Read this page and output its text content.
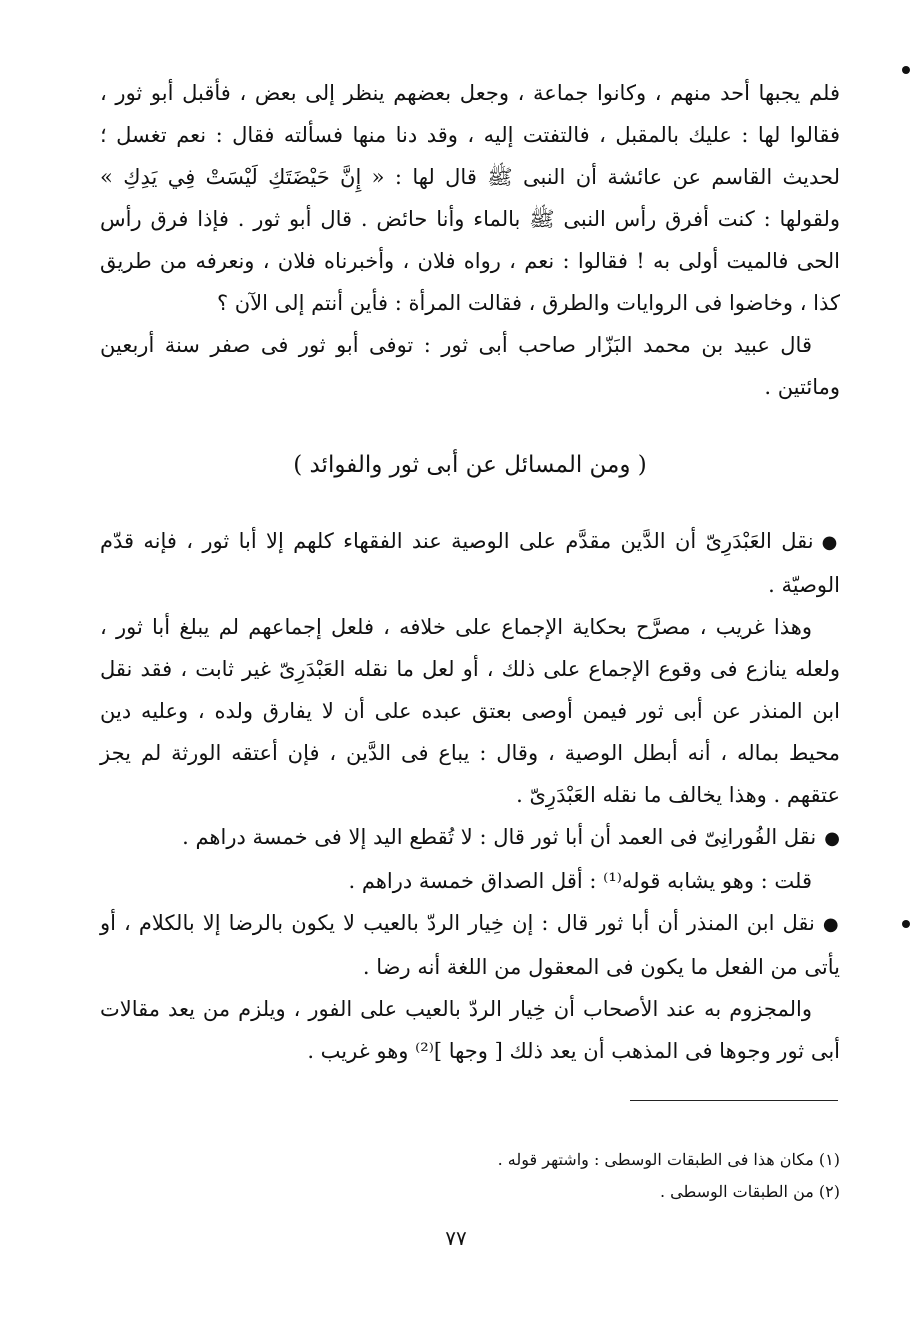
فلم يجبها أحد منهم ، وكانوا جماعة ، وجعل بعضهم ينظر إلى بعض ، فأقبل أبو ثور ، فقالوا لها : عليك بالمقبل ، فالتفتت إليه ، وقد دنا منها فسألته فقال : نعم تغسل ؛ لحديث القاسم عن عائشة أن النبى ﷺ قال لها : « إِنَّ حَيْضَتَكِ لَيْسَتْ فِي يَدِكِ » ولقولها : كنت أفرق رأس النبى ﷺ بالماء وأنا حائض . قال أبو ثور . فإذا فرق رأس الحى فالميت أولى به ! فقالوا : نعم ، رواه فلان ، وأخبرناه فلان ، ونعرفه من طريق كذا ، وخاضوا فى الروايات والطرق ، فقالت المرأة : فأين أنتم إلى الآن ؟

قال عبيد بن محمد البَزّار صاحب أبى ثور : توفى أبو ثور فى صفر سنة أربعين ومائتين .

( ومن المسائل عن أبى ثور والفوائد )

● نقل العَبْدَرِىّ أن الدَّين مقدَّم على الوصية عند الفقهاء كلهم إلا أبا ثور ، فإنه قدّم الوصيّة .

وهذا غريب ، مصرَّح بحكاية الإجماع على خلافه ، فلعل إجماعهم لم يبلغ أبا ثور ، ولعله ينازع فى وقوع الإجماع على ذلك ، أو لعل ما نقله العَبْدَرِىّ غير ثابت ، فقد نقل ابن المنذر عن أبى ثور فيمن أوصى بعتق عبده على أن لا يفارق ولده ، وعليه دين محيط بماله ، أنه أبطل الوصية ، وقال : يباع فى الدَّين ، فإن أعتقه الورثة لم يجز عتقهم . وهذا يخالف ما نقله العَبْدَرِىّ .

● نقل الفُورانِىّ فى العمد أن أبا ثور قال : لا تُقطع اليد إلا فى خمسة دراهم .

قلت : وهو يشابه قوله⁽¹⁾ : أقل الصداق خمسة دراهم .

● نقل ابن المنذر أن أبا ثور قال : إن خِيار الردّ بالعيب لا يكون بالرضا إلا بالكلام ، أو يأتى من الفعل ما يكون فى المعقول من اللغة أنه رضا .

والمجزوم به عند الأصحاب أن خِيار الردّ بالعيب على الفور ، ويلزم من يعد مقالات أبى ثور وجوها فى المذهب أن يعد ذلك [ وجها ]⁽²⁾ وهو غريب .

(١) مكان هذا فى الطبقات الوسطى : واشتهر قوله .
(٢) من الطبقات الوسطى .
٧٧
